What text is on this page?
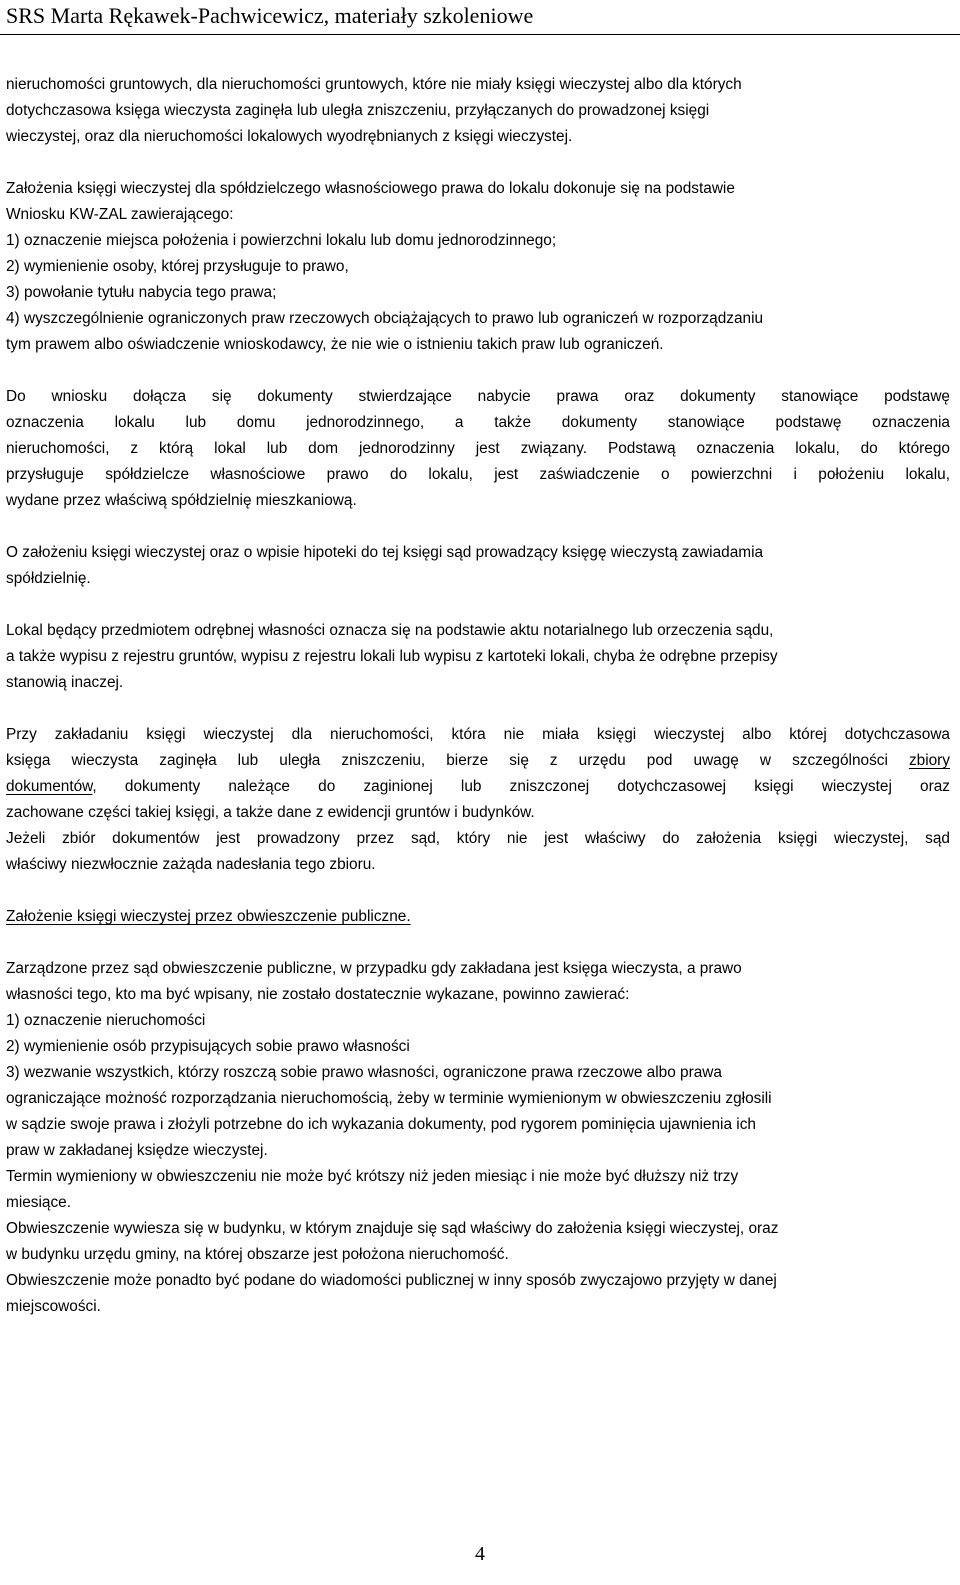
SRS Marta Rękawek-Pachwicewicz, materiały szkoleniowe

nieruchomości gruntowych, dla nieruchomości gruntowych, które nie miały księgi wieczystej albo dla których
dotychczasowa księga wieczysta zaginęła lub uległa zniszczeniu, przyłączanych do prowadzonej księgi
wieczystej, oraz dla nieruchomości lokalowych wyodrębnianych z księgi wieczystej.

Założenia księgi wieczystej dla spółdzielczego własnościowego prawa do lokalu dokonuje się na podstawie
Wniosku KW-ZAL zawierającego:
1) oznaczenie miejsca położenia i powierzchni lokalu lub domu jednorodzinnego;
2) wymienienie osoby, której przysługuje to prawo,
3) powołanie tytułu nabycia tego prawa;
4) wyszczególnienie ograniczonych praw rzeczowych obciążających to prawo lub ograniczeń w rozporządzaniu
tym prawem albo oświadczenie wnioskodawcy, że nie wie o istnieniu takich praw lub ograniczeń.

Do wniosku dołącza się dokumenty stwierdzające nabycie prawa oraz dokumenty stanowiące podstawę
oznaczenia lokalu lub domu jednorodzinnego, a także dokumenty stanowiące podstawę oznaczenia
nieruchomości, z którą lokal lub dom jednorodzinny jest związany. Podstawą oznaczenia lokalu, do którego
przysługuje spółdzielcze własnościowe prawo do lokalu, jest zaświadczenie o powierzchni i położeniu lokalu,
wydane przez właściwą spółdzielnię mieszkaniową.

O założeniu księgi wieczystej oraz o wpisie hipoteki do tej księgi sąd prowadzący księgę wieczystą zawiadamia
spółdzielnię.

Lokal będący przedmiotem odrębnej własności oznacza się na podstawie aktu notarialnego lub orzeczenia sądu,
a także wypisu z rejestru gruntów, wypisu z rejestru lokali lub wypisu z kartoteki lokali, chyba że odrębne przepisy
stanowią inaczej.

Przy zakładaniu księgi wieczystej dla nieruchomości, która nie miała księgi wieczystej albo której dotychczasowa
księga wieczysta zaginęła lub uległa zniszczeniu, bierze się z urzędu pod uwagę w szczególności zbiory
dokumentów, dokumenty należące do zaginionej lub zniszczonej dotychczasowej księgi wieczystej oraz
zachowane części takiej księgi, a także dane z ewidencji gruntów i budynków.
Jeżeli zbiór dokumentów jest prowadzony przez sąd, który nie jest właściwy do założenia księgi wieczystej, sąd
właściwy niezwłocznie zażąda nadesłania tego zbioru.

Założenie księgi wieczystej przez obwieszczenie publiczne.

Zarządzone przez sąd obwieszczenie publiczne, w przypadku gdy zakładana jest księga wieczysta, a prawo
własności tego, kto ma być wpisany, nie zostało dostatecznie wykazane, powinno zawierać:
1) oznaczenie nieruchomości
2) wymienienie osób przypisujących sobie prawo własności
3) wezwanie wszystkich, którzy roszczą sobie prawo własności, ograniczone prawa rzeczowe albo prawa
ograniczające możność rozporządzania nieruchomością, żeby w terminie wymienionym w obwieszczeniu zgłosili
w sądzie swoje prawa i złożyli potrzebne do ich wykazania dokumenty, pod rygorem pominięcia ujawnienia ich
praw w zakładanej księdze wieczystej.
Termin wymieniony w obwieszczeniu nie może być krótszy niż jeden miesiąc i nie może być dłuższy niż trzy
miesiące.
Obwieszczenie wywiesza się w budynku, w którym znajduje się sąd właściwy do założenia księgi wieczystej, oraz
w budynku urzędu gminy, na której obszarze jest położona nieruchomość.
Obwieszczenie może ponadto być podane do wiadomości publicznej w inny sposób zwyczajowo przyjęty w danej
miejscowości.

4
